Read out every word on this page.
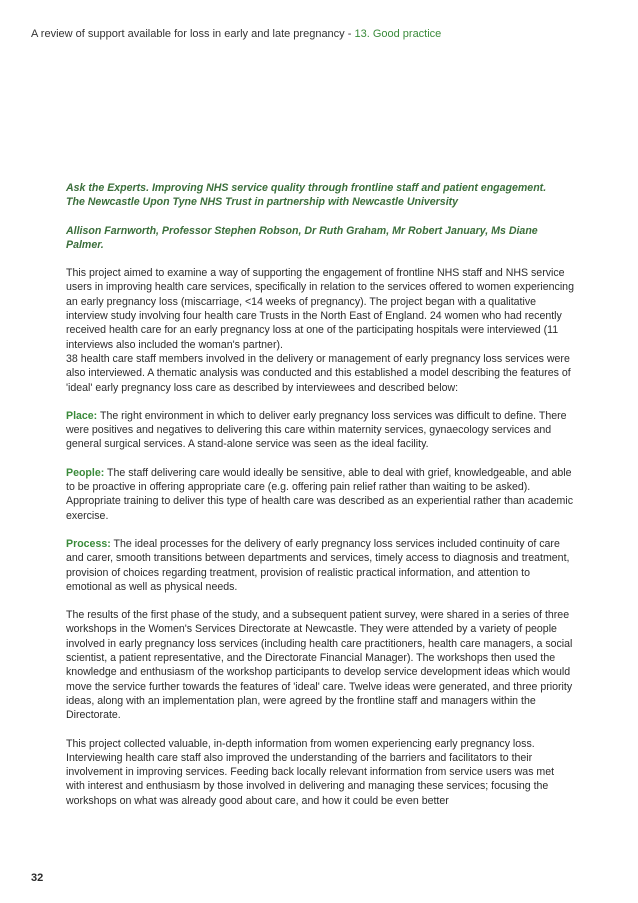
A review of support available for loss in early and late pregnancy - 13. Good practice
Ask the Experts. Improving NHS service quality through frontline staff and patient engagement.
The Newcastle Upon Tyne NHS Trust in partnership with Newcastle University
Allison Farnworth, Professor Stephen Robson, Dr Ruth Graham, Mr Robert January, Ms Diane Palmer.

This project aimed to examine a way of supporting the engagement of frontline NHS staff and NHS service users in improving health care services, specifically in relation to the services offered to women experiencing an early pregnancy loss (miscarriage, <14 weeks of pregnancy). The project began with a qualitative interview study involving four health care Trusts in the North East of England. 24 women who had recently received health care for an early pregnancy loss at one of the participating hospitals were interviewed (11 interviews also included the woman's partner).
38 health care staff members involved in the delivery or management of early pregnancy loss services were also interviewed. A thematic analysis was conducted and this established a model describing the features of 'ideal' early pregnancy loss care as described by interviewees and described below:

Place: The right environment in which to deliver early pregnancy loss services was difficult to define. There were positives and negatives to delivering this care within maternity services, gynaecology services and general surgical services. A stand-alone service was seen as the ideal facility.

People: The staff delivering care would ideally be sensitive, able to deal with grief, knowledgeable, and able to be proactive in offering appropriate care (e.g. offering pain relief rather than waiting to be asked). Appropriate training to deliver this type of health care was described as an experiential rather than academic exercise.

Process: The ideal processes for the delivery of early pregnancy loss services included continuity of care and carer, smooth transitions between departments and services, timely access to diagnosis and treatment, provision of choices regarding treatment, provision of realistic practical information, and attention to emotional as well as physical needs.

The results of the first phase of the study, and a subsequent patient survey, were shared in a series of three workshops in the Women's Services Directorate at Newcastle. They were attended by a variety of people involved in early pregnancy loss services (including health care practitioners, health care managers, a social scientist, a patient representative, and the Directorate Financial Manager). The workshops then used the knowledge and enthusiasm of the workshop participants to develop service development ideas which would move the service further towards the features of 'ideal' care. Twelve ideas were generated, and three priority ideas, along with an implementation plan, were agreed by the frontline staff and managers within the Directorate.

This project collected valuable, in-depth information from women experiencing early pregnancy loss. Interviewing health care staff also improved the understanding of the barriers and facilitators to their involvement in improving services. Feeding back locally relevant information from service users was met with interest and enthusiasm by those involved in delivering and managing these services; focusing the workshops on what was already good about care, and how it could be even better

32
